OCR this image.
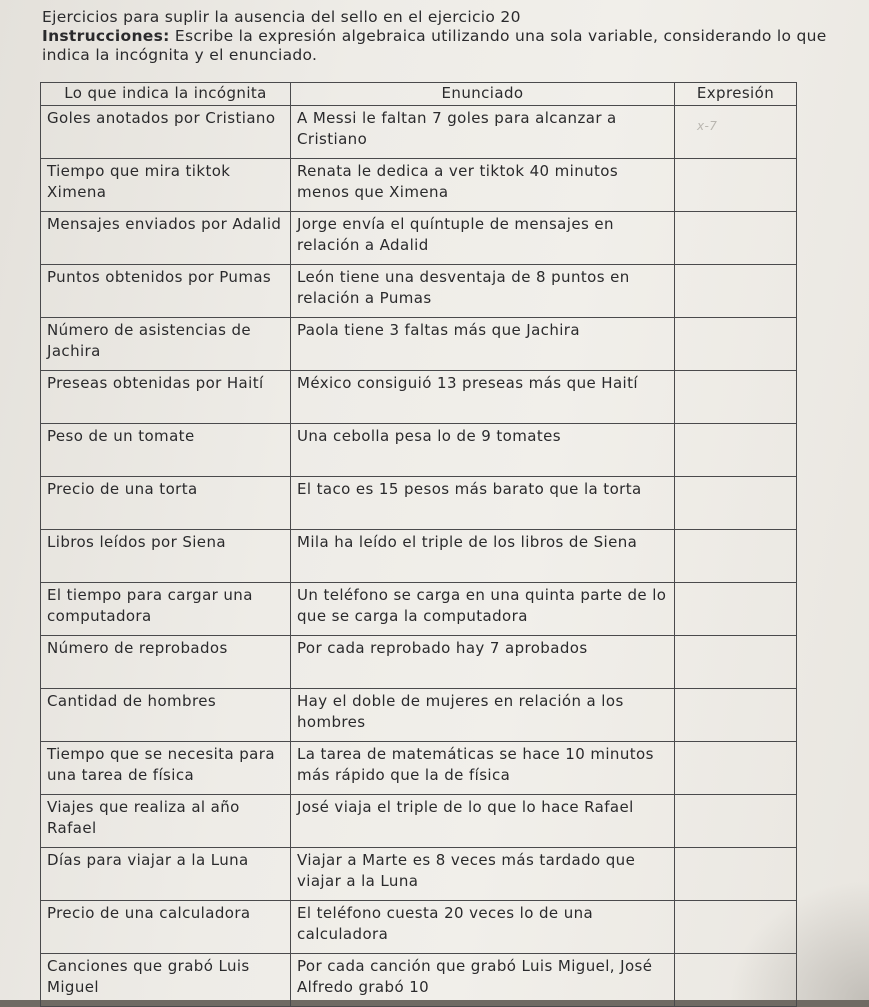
Ejercicios para suplir la ausencia del sello en el ejercicio 20

Instrucciones: Escribe la expresión algebraica utilizando una sola variable, considerando lo que indica la incógnita y el enunciado.

Lo que indica la incógnita	Enunciado	Expresión
Goles anotados por Cristiano	A Messi le faltan 7 goles para alcanzar a Cristiano	x-7

Tiempo que mira tiktok Ximena	Renata le dedica a ver tiktok 40 minutos menos que Ximena	

Mensajes enviados por Adalid	Jorge envía el quíntuple de mensajes en relación a Adalid	

Puntos obtenidos por Pumas	León tiene una desventaja de 8 puntos en relación a Pumas	

Número de asistencias de Jachira	Paola tiene 3 faltas más que Jachira	

Preseas obtenidas por Haití	México consiguió 13 preseas más que Haití	

Peso de un tomate	Una cebolla pesa lo de 9 tomates	

Precio de una torta	El taco es 15 pesos más barato que la torta	

Libros leídos por Siena	Mila ha leído el triple de los libros de Siena	

El tiempo para cargar una computadora	Un teléfono se carga en una quinta parte de lo que se carga la computadora	

Número de reprobados	Por cada reprobado hay 7 aprobados	

Cantidad de hombres	Hay el doble de mujeres en relación a los hombres	

Tiempo que se necesita para una tarea de física	La tarea de matemáticas se hace 10 minutos más rápido que la de física	

Viajes que realiza al año Rafael	José viaja el triple de lo que lo hace Rafael	

Días para viajar a la Luna	Viajar a Marte es 8 veces más tardado que viajar a la Luna	

Precio de una calculadora	El teléfono cuesta 20 veces lo de una calculadora	

Canciones que grabó Luis Miguel	Por cada canción que grabó Luis Miguel, José Alfredo grabó 10	
